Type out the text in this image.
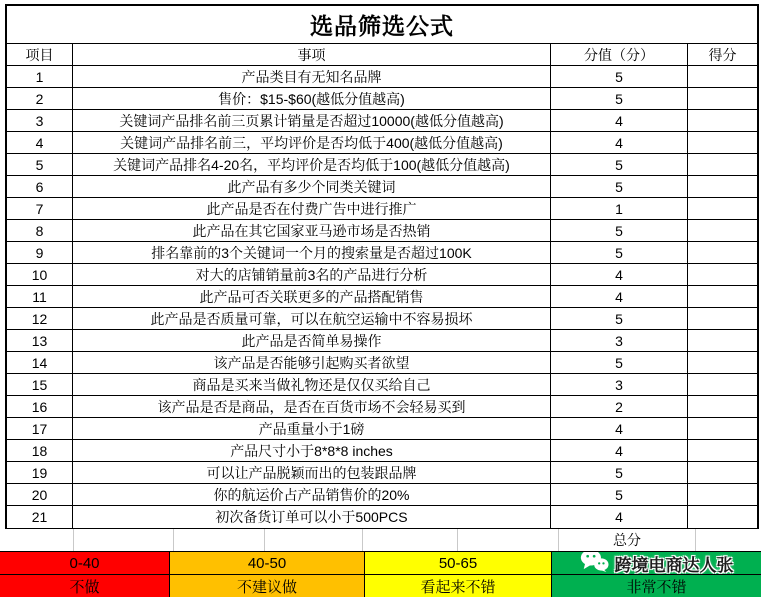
选品筛选公式
项目	事项	分值（分）	得分
1	产品类目有无知名品牌	5
2	售价：$15-$60(越低分值越高)	5
3	关键词产品排名前三页累计销量是否超过10000(越低分值越高)	4
4	关键词产品排名前三，平均评价是否均低于400(越低分值越高)	4
5	关键词产品排名4-20名，平均评价是否均低于100(越低分值越高)	5
6	此产品有多少个同类关键词	5
7	此产品是否在付费广告中进行推广	1
8	此产品在其它国家亚马逊市场是否热销	5
9	排名靠前的3个关键词一个月的搜索量是否超过100K	5
10	对大的店铺销量前3名的产品进行分析	4
11	此产品可否关联更多的产品搭配销售	4
12	此产品是否质量可靠，可以在航空运输中不容易损坏	5
13	此产品是否简单易操作	3
14	该产品是否能够引起购买者欲望	5
15	商品是买来当做礼物还是仅仅买给自己	3
16	该产品是否是商品，是否在百货市场不会轻易买到	2
17	产品重量小于1磅	4
18	产品尺寸小于8*8*8 inches	4
19	可以让产品脱颖而出的包装跟品牌	5
20	你的航运价占产品销售价的20%	5
21	初次备货订单可以小于500PCS	4
总分
0-40	40-50	50-65	跨境电商达人张
不做	不建议做	看起来不错	非常不错
